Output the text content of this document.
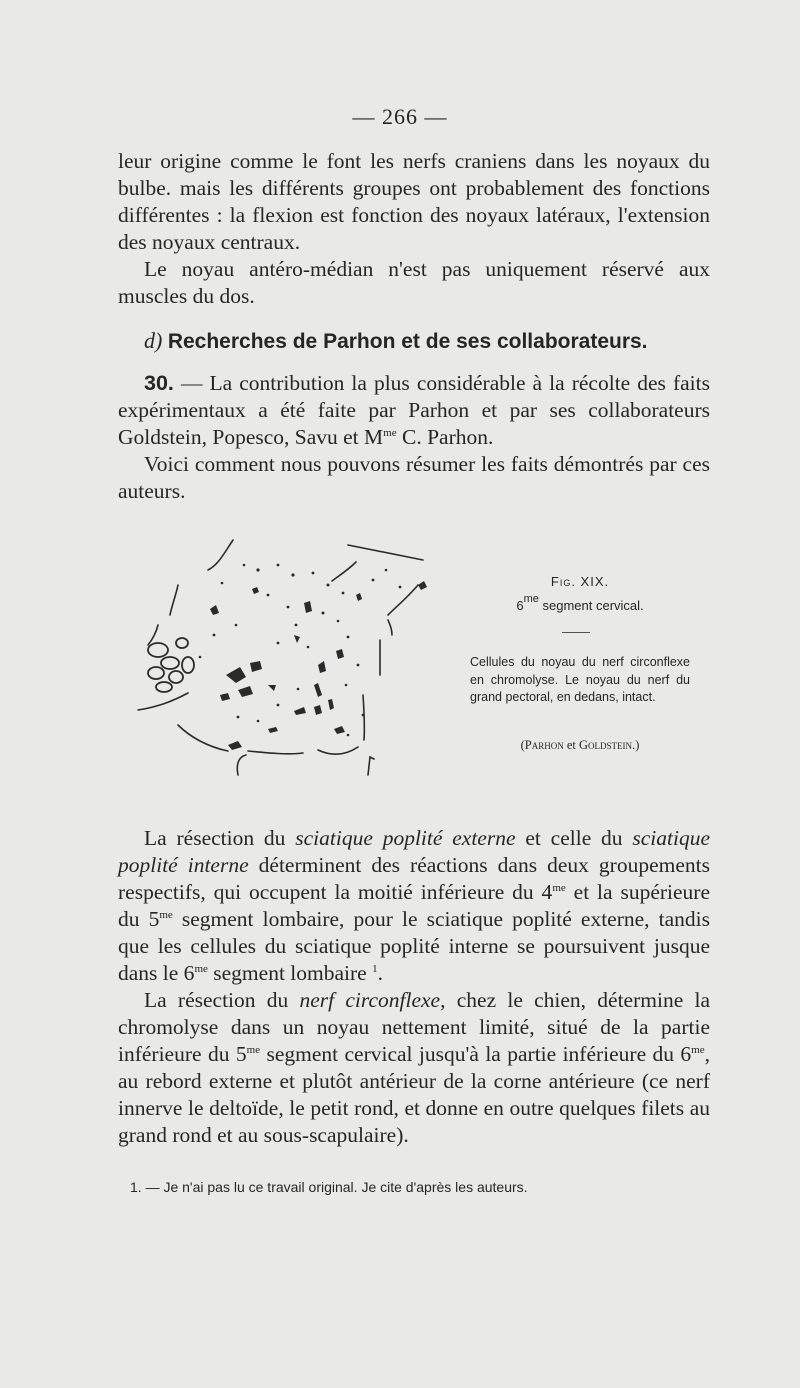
— 266 —

leur origine comme le font les nerfs craniens dans les noyaux du bulbe. mais les différents groupes ont probablement des fonctions différentes : la flexion est fonction des noyaux latéraux, l'extension des noyaux centraux.

Le noyau antéro-médian n'est pas uniquement réservé aux muscles du dos.

d) Recherches de Parhon et de ses collaborateurs.

30. — La contribution la plus considérable à la récolte des faits expérimentaux a été faite par Parhon et par ses collaborateurs Goldstein, Popesco, Savu et $M^{me}$ C. Parhon.

Voici comment nous pouvons résumer les faits démontrés par ces auteurs.

Fig. XIX.
$6^{me}$ segment cervical.
Cellules du noyau du nerf circonflexe en chromolyse. Le noyau du nerf du grand pectoral, en dedans, intact.
(Parhon et Goldstein.)

La résection du sciatique poplité externe et celle du sciatique poplité interne déterminent des réactions dans deux groupements respectifs, qui occupent la moitié inférieure du $4^{me}$ et la supérieure du $5^{me}$ segment lombaire, pour le sciatique poplité externe, tandis que les cellules du sciatique poplité interne se poursuivent jusque dans le $6^{me}$ segment lombaire $^1$.

La résection du nerf circonflexe, chez le chien, détermine la chromolyse dans un noyau nettement limité, situé de la partie inférieure du $5^{me}$ segment cervical jusqu'à la partie inférieure du $6^{me}$, au rebord externe et plutôt antérieur de la corne antérieure (ce nerf innerve le deltoïde, le petit rond, et donne en outre quelques filets au grand rond et au sous-scapulaire).

1. — Je n'ai pas lu ce travail original. Je cite d'après les auteurs.
